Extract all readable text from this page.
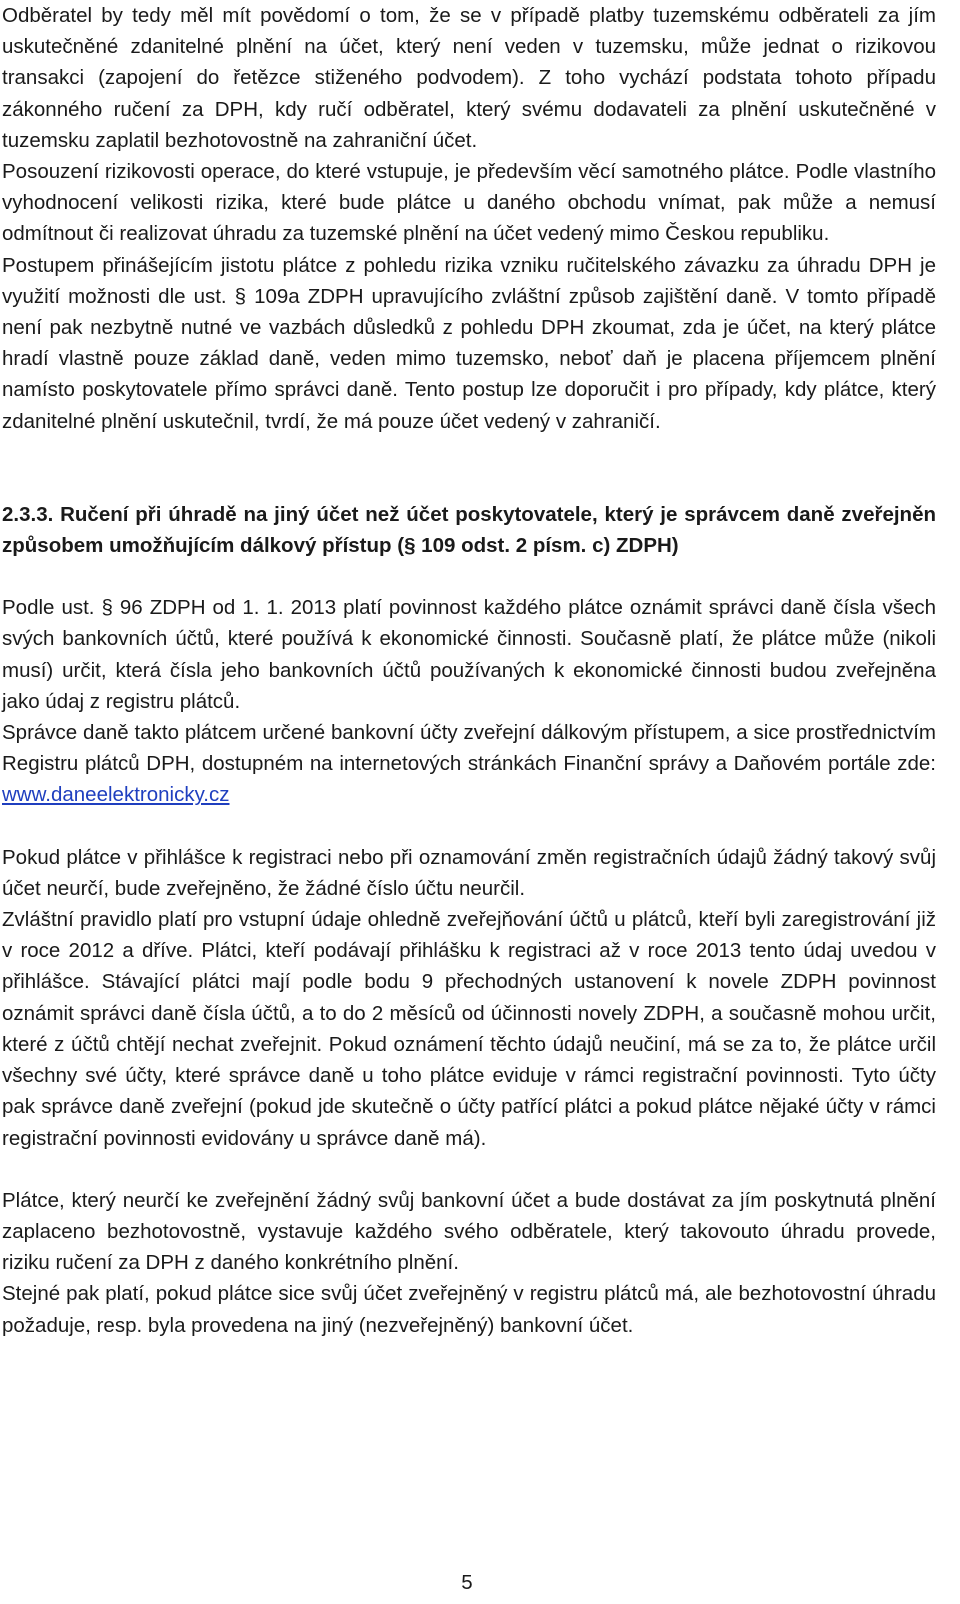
Odběratel by tedy měl mít povědomí o tom, že se v případě platby tuzemskému odběrateli za jím uskutečněné zdanitelné plnění na účet, který není veden v tuzemsku, může jednat o rizikovou transakci (zapojení do řetězce stiženého podvodem). Z toho vychází podstata tohoto případu zákonného ručení za DPH, kdy ručí odběratel, který svému dodavateli za plnění uskutečněné v tuzemsku zaplatil bezhotovostně na zahraniční účet.

Posouzení rizikovosti operace, do které vstupuje, je především věcí samotného plátce. Podle vlastního vyhodnocení velikosti rizika, které bude plátce u daného obchodu vnímat, pak může a nemusí odmítnout či realizovat úhradu za tuzemské plnění na účet vedený mimo Českou republiku.

Postupem přinášejícím jistotu plátce z pohledu rizika vzniku ručitelského závazku za úhradu DPH je využití možnosti dle ust. § 109a ZDPH upravujícího zvláštní způsob zajištění daně. V tomto případě není pak nezbytně nutné ve vazbách důsledků z pohledu DPH zkoumat, zda je účet, na který plátce hradí vlastně pouze základ daně, veden mimo tuzemsko, neboť daň je placena příjemcem plnění namísto poskytovatele přímo správci daně. Tento postup lze doporučit i pro případy, kdy plátce, který zdanitelné plnění uskutečnil, tvrdí, že má pouze účet vedený v zahraničí.

2.3.3. Ručení při úhradě na jiný účet než účet poskytovatele, který je správcem daně zveřejněn způsobem umožňujícím dálkový přístup (§ 109 odst. 2 písm. c) ZDPH)

Podle ust. § 96 ZDPH od 1. 1. 2013 platí povinnost každého plátce oznámit správci daně čísla všech svých bankovních účtů, které používá k ekonomické činnosti. Současně platí, že plátce může (nikoli musí) určit, která čísla jeho bankovních účtů používaných k ekonomické činnosti budou zveřejněna jako údaj z registru plátců.

Správce daně takto plátcem určené bankovní účty zveřejní dálkovým přístupem, a sice prostřednictvím Registru plátců DPH, dostupném na internetových stránkách Finanční správy a Daňovém portále zde: www.daneelektronicky.cz

Pokud plátce v přihlášce k registraci nebo při oznamování změn registračních údajů žádný takový svůj účet neurčí, bude zveřejněno, že žádné číslo účtu neurčil.

Zvláštní pravidlo platí pro vstupní údaje ohledně zveřejňování účtů u plátců, kteří byli zaregistrování již v roce 2012 a dříve. Plátci, kteří podávají přihlášku k registraci až v roce 2013 tento údaj uvedou v přihlášce. Stávající plátci mají podle bodu 9 přechodných ustanovení k novele ZDPH povinnost oznámit správci daně čísla účtů, a to do 2 měsíců od účinnosti novely ZDPH, a současně mohou určit, které z účtů chtějí nechat zveřejnit. Pokud oznámení těchto údajů neučiní, má se za to, že plátce určil všechny své účty, které správce daně u toho plátce eviduje v rámci registrační povinnosti. Tyto účty pak správce daně zveřejní (pokud jde skutečně o účty patřící plátci a pokud plátce nějaké účty v rámci registrační povinnosti evidovány u správce daně má).

Plátce, který neurčí ke zveřejnění žádný svůj bankovní účet a bude dostávat za jím poskytnutá plnění zaplaceno bezhotovostně, vystavuje každého svého odběratele, který takovouto úhradu provede, riziku ručení za DPH z daného konkrétního plnění.

Stejné pak platí, pokud plátce sice svůj účet zveřejněný v registru plátců má, ale bezhotovostní úhradu požaduje, resp. byla provedena na jiný (nezveřejněný) bankovní účet.

5
